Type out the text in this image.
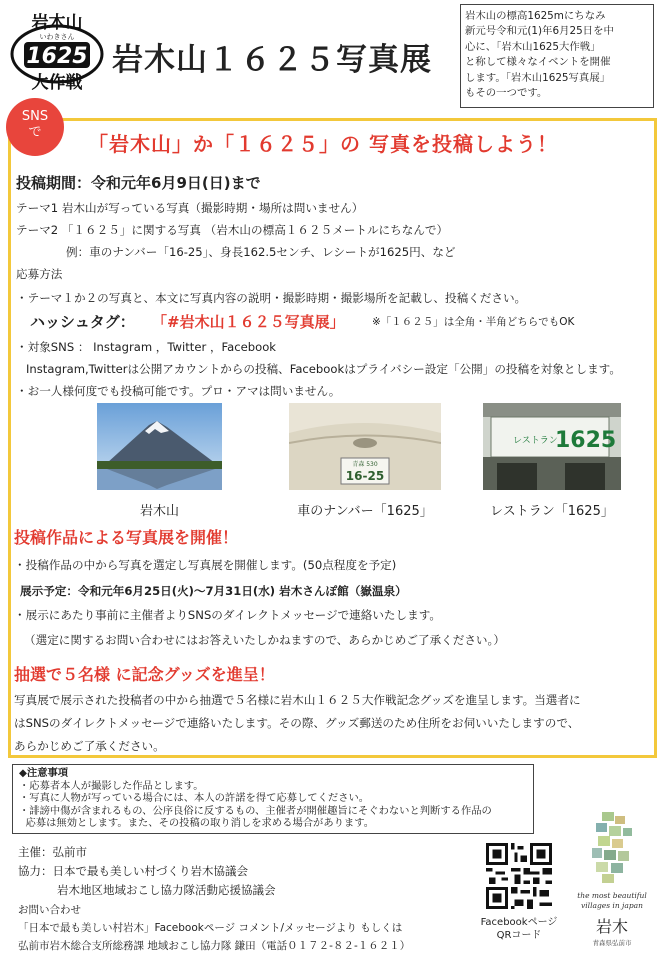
岩木山
いわきさん
1625
大作戦
岩木山１６２５写真展
岩木山の標高1625mにちなみ
新元号令和元(1)年6月25日を中
心に、「岩木山1625大作戦」
と称して様々なイベントを開催
します。「岩木山1625写真展」
もその一つです。
SNS
で	「岩木山」か「１６２５」の 写真を投稿しよう！
投稿期間：令和元年6月9日(日)まで
テーマ1 岩木山が写っている写真（撮影時期・場所は問いません）
テーマ2 「１６２５」に関する写真 （岩木山の標高１６２５メートルにちなんで）
例：車のナンバー「16-25」、身長162.5センチ、レシートが1625円、など
応募方法
・テーマ１か２の写真と、本文に写真内容の説明・撮影時期・撮影場所を記載し、投稿ください。
ハッシュタグ： 「#岩木山１６２５写真展」	※「１６２５」は全角・半角どちらでもOK
・対象SNS ： Instagram ，Twitter ，Facebook
Instagram,Twitterは公開アカウントからの投稿、Facebookはプライバシー設定「公開」の投稿を対象とします。
・お一人様何度でも投稿可能です。プロ・アマは問いません。
岩木山
青森 530
16-25
車のナンバー「1625」
レストラン
1625
レストラン「1625」
投稿作品による写真展を開催！
・投稿作品の中から写真を選定し写真展を開催します。(50点程度を予定)
展示予定：令和元年6月25日(火)～7月31日(水) 岩木さんぽ館（嶽温泉）
・展示にあたり事前に主催者よりSNSのダイレクトメッセージで連絡いたします。
（選定に関するお問い合わせにはお答えいたしかねますので、あらかじめご了承ください。）
抽選で５名様 に記念グッズを進呈！
写真展で展示された投稿者の中から抽選で５名様に岩木山１６２５大作戦記念グッズを進呈します。当選者に
はSNSのダイレクトメッセージで連絡いたします。その際、グッズ郵送のため住所をお伺いいたしますので、
あらかじめご了承ください。
◆注意事項
・応募者本人が撮影した作品とします。
・写真に人物が写っている場合には、本人の許諾を得て応募してください。
・誹謗中傷が含まれるもの、公序良俗に反するもの、主催者が開催趣旨にそぐわないと判断する作品の
応募は無効とします。また、その投稿の取り消しを求める場合があります。
主催：弘前市
協力：日本で最も美しい村づくり岩木協議会
岩木地区地域おこし協力隊活動応援協議会
お問い合わせ
「日本で最も美しい村岩木」Facebookページ コメント/メッセージより もしくは
弘前市岩木総合支所総務課 地域おこし協力隊 鎌田（電話０１７２-８２-１６２１）
Facebookページ
QRコード
the most beautiful
villages in japan
岩木
青森県弘前市
